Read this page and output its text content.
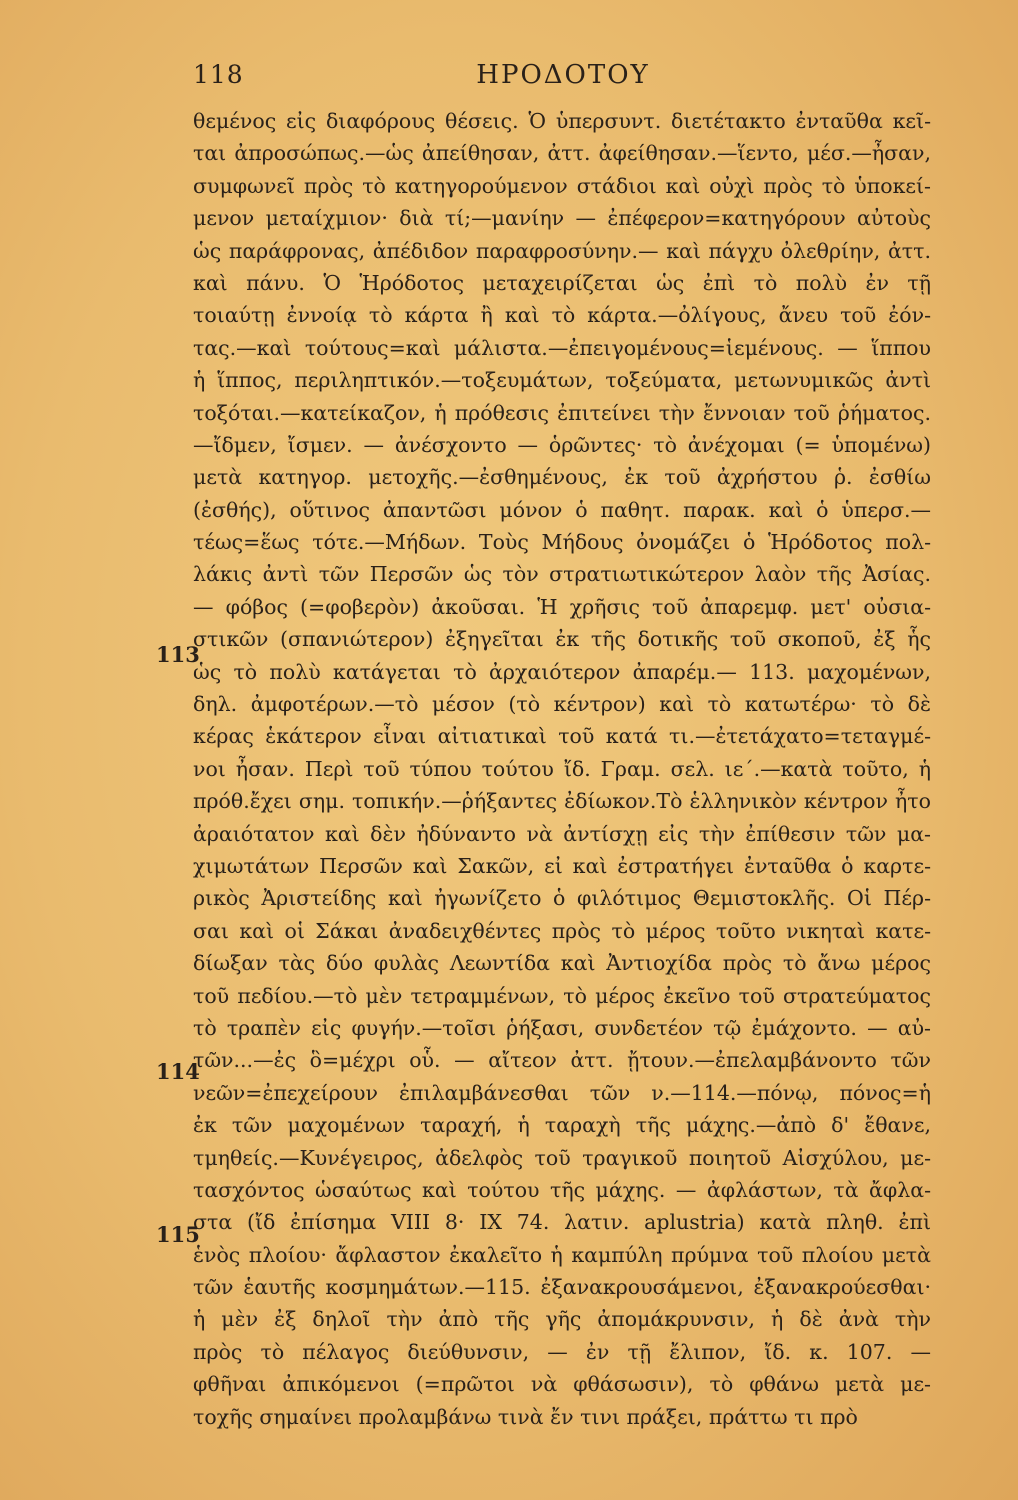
118	ΗΡΟΔΟΤΟΥ
113
114
115
θεμένος εἰς διαφόρους θέσεις. Ὁ ὑπερσυντ. διετέτακτο ἐνταῦθα κεῖ-
ται ἀπροσώπως.—ὡς ἀπείθησαν, ἀττ. ἀφείθησαν.—ἵεντο, μέσ.—ἦσαν,
συμφωνεῖ πρὸς τὸ κατηγορούμενον στάδιοι καὶ οὐχὶ πρὸς τὸ ὑποκεί-
μενον μεταίχμιον· διὰ τί;—μανίην — ἐπέφερον=κατηγόρουν αὐτοὺς
ὡς παράφρονας, ἀπέδιδον παραφροσύνην.— καὶ πάγχυ ὀλεθρίην, ἀττ.
καὶ πάνυ. Ὁ Ἡρόδοτος μεταχειρίζεται ὡς ἐπὶ τὸ πολὺ ἐν τῇ
τοιαύτῃ ἐννοίᾳ τὸ κάρτα ἢ καὶ τὸ κάρτα.—ὀλίγους, ἄνευ τοῦ ἐόν-
τας.—καὶ τούτους=καὶ μάλιστα.—ἐπειγομένους=ἱεμένους. — ἵππου
ἡ ἵππος, περιληπτικόν.—τοξευμάτων, τοξεύματα, μετωνυμικῶς ἀντὶ
τοξόται.—κατείκαζον, ἡ πρόθεσις ἐπιτείνει τὴν ἔννοιαν τοῦ ῥήματος.
—ἴδμεν, ἴσμεν. — ἀνέσχοντο — ὁρῶντες· τὸ ἀνέχομαι (= ὑπομένω)
μετὰ κατηγορ. μετοχῆς.—ἐσθημένους, ἐκ τοῦ ἀχρήστου ῥ. ἐσθίω
(ἐσθής), οὕτινος ἀπαντῶσι μόνον ὁ παθητ. παρακ. καὶ ὁ ὑπερσ.—
τέως=ἕως τότε.—Μήδων. Τοὺς Μήδους ὀνομάζει ὁ Ἡρόδοτος πολ-
λάκις ἀντὶ τῶν Περσῶν ὡς τὸν στρατιωτικώτερον λαὸν τῆς Ἀσίας.
— φόβος (=φοβερὸν) ἀκοῦσαι. Ἡ χρῆσις τοῦ ἀπαρεμφ. μετ' οὐσια-
στικῶν (σπανιώτερον) ἐξηγεῖται ἐκ τῆς δοτικῆς τοῦ σκοποῦ, ἐξ ἧς
ὡς τὸ πολὺ κατάγεται τὸ ἀρχαιότερον ἀπαρέμ.— 113. μαχομένων,
δηλ. ἀμφοτέρων.—τὸ μέσον (τὸ κέντρον) καὶ τὸ κατωτέρω· τὸ δὲ
κέρας ἑκάτερον εἶναι αἰτιατικαὶ τοῦ κατά τι.—ἐτετάχατο=τεταγμέ-
νοι ἦσαν. Περὶ τοῦ τύπου τούτου ἴδ. Γραμ. σελ. ιε΄.—κατὰ τοῦτο, ἡ
πρόθ.ἔχει σημ. τοπικήν.—ῥήξαντες ἐδίωκον.Τὸ ἑλληνικὸν κέντρον ἦτο
ἀραιότατον καὶ δὲν ἠδύναντο νὰ ἀντίσχῃ εἰς τὴν ἐπίθεσιν τῶν μα-
χιμωτάτων Περσῶν καὶ Σακῶν, εἰ καὶ ἐστρατήγει ἐνταῦθα ὁ καρτε-
ρικὸς Ἀριστείδης καὶ ἠγωνίζετο ὁ φιλότιμος Θεμιστοκλῆς. Οἱ Πέρ-
σαι καὶ οἱ Σάκαι ἀναδειχθέντες πρὸς τὸ μέρος τοῦτο νικηταὶ κατε-
δίωξαν τὰς δύο φυλὰς Λεωντίδα καὶ Ἀντιοχίδα πρὸς τὸ ἄνω μέρος
τοῦ πεδίου.—τὸ μὲν τετραμμένων, τὸ μέρος ἐκεῖνο τοῦ στρατεύματος
τὸ τραπὲν εἰς φυγήν.—τοῖσι ῥήξασι, συνδετέον τῷ ἐμάχοντο. — αὐ-
τῶν...—ἐς ὃ=μέχρι οὗ. — αἴτεον ἀττ. ᾔτουν.—ἐπελαμβάνοντο τῶν
νεῶν=ἐπεχείρουν ἐπιλαμβάνεσθαι τῶν ν.—114.—πόνῳ, πόνος=ἡ
ἐκ τῶν μαχομένων ταραχή, ἡ ταραχὴ τῆς μάχης.—ἀπὸ δ' ἔθανε,
τμηθείς.—Κυνέγειρος, ἀδελφὸς τοῦ τραγικοῦ ποιητοῦ Αἰσχύλου, με-
τασχόντος ὡσαύτως καὶ τούτου τῆς μάχης. — ἀφλάστων, τὰ ἄφλα-
στα (ἴδ ἐπίσημα VIII 8· IX 74. λατιν. aplustria) κατὰ πληθ. ἐπὶ
ἑνὸς πλοίου· ἄφλαστον ἐκαλεῖτο ἡ καμπύλη πρύμνα τοῦ πλοίου μετὰ
τῶν ἑαυτῆς κοσμημάτων.—115. ἐξανακρουσάμενοι, ἐξανακρούεσθαι·
ἡ μὲν ἐξ δηλοῖ τὴν ἀπὸ τῆς γῆς ἀπομάκρυνσιν, ἡ δὲ ἀνὰ τὴν
πρὸς τὸ πέλαγος διεύθυνσιν, — ἐν τῇ ἔλιπον, ἴδ. κ. 107. —
φθῆναι ἀπικόμενοι (=πρῶτοι νὰ φθάσωσιν), τὸ φθάνω μετὰ με-
τοχῆς σημαίνει προλαμβάνω τινὰ ἔν τινι πράξει, πράττω τι πρὸ
